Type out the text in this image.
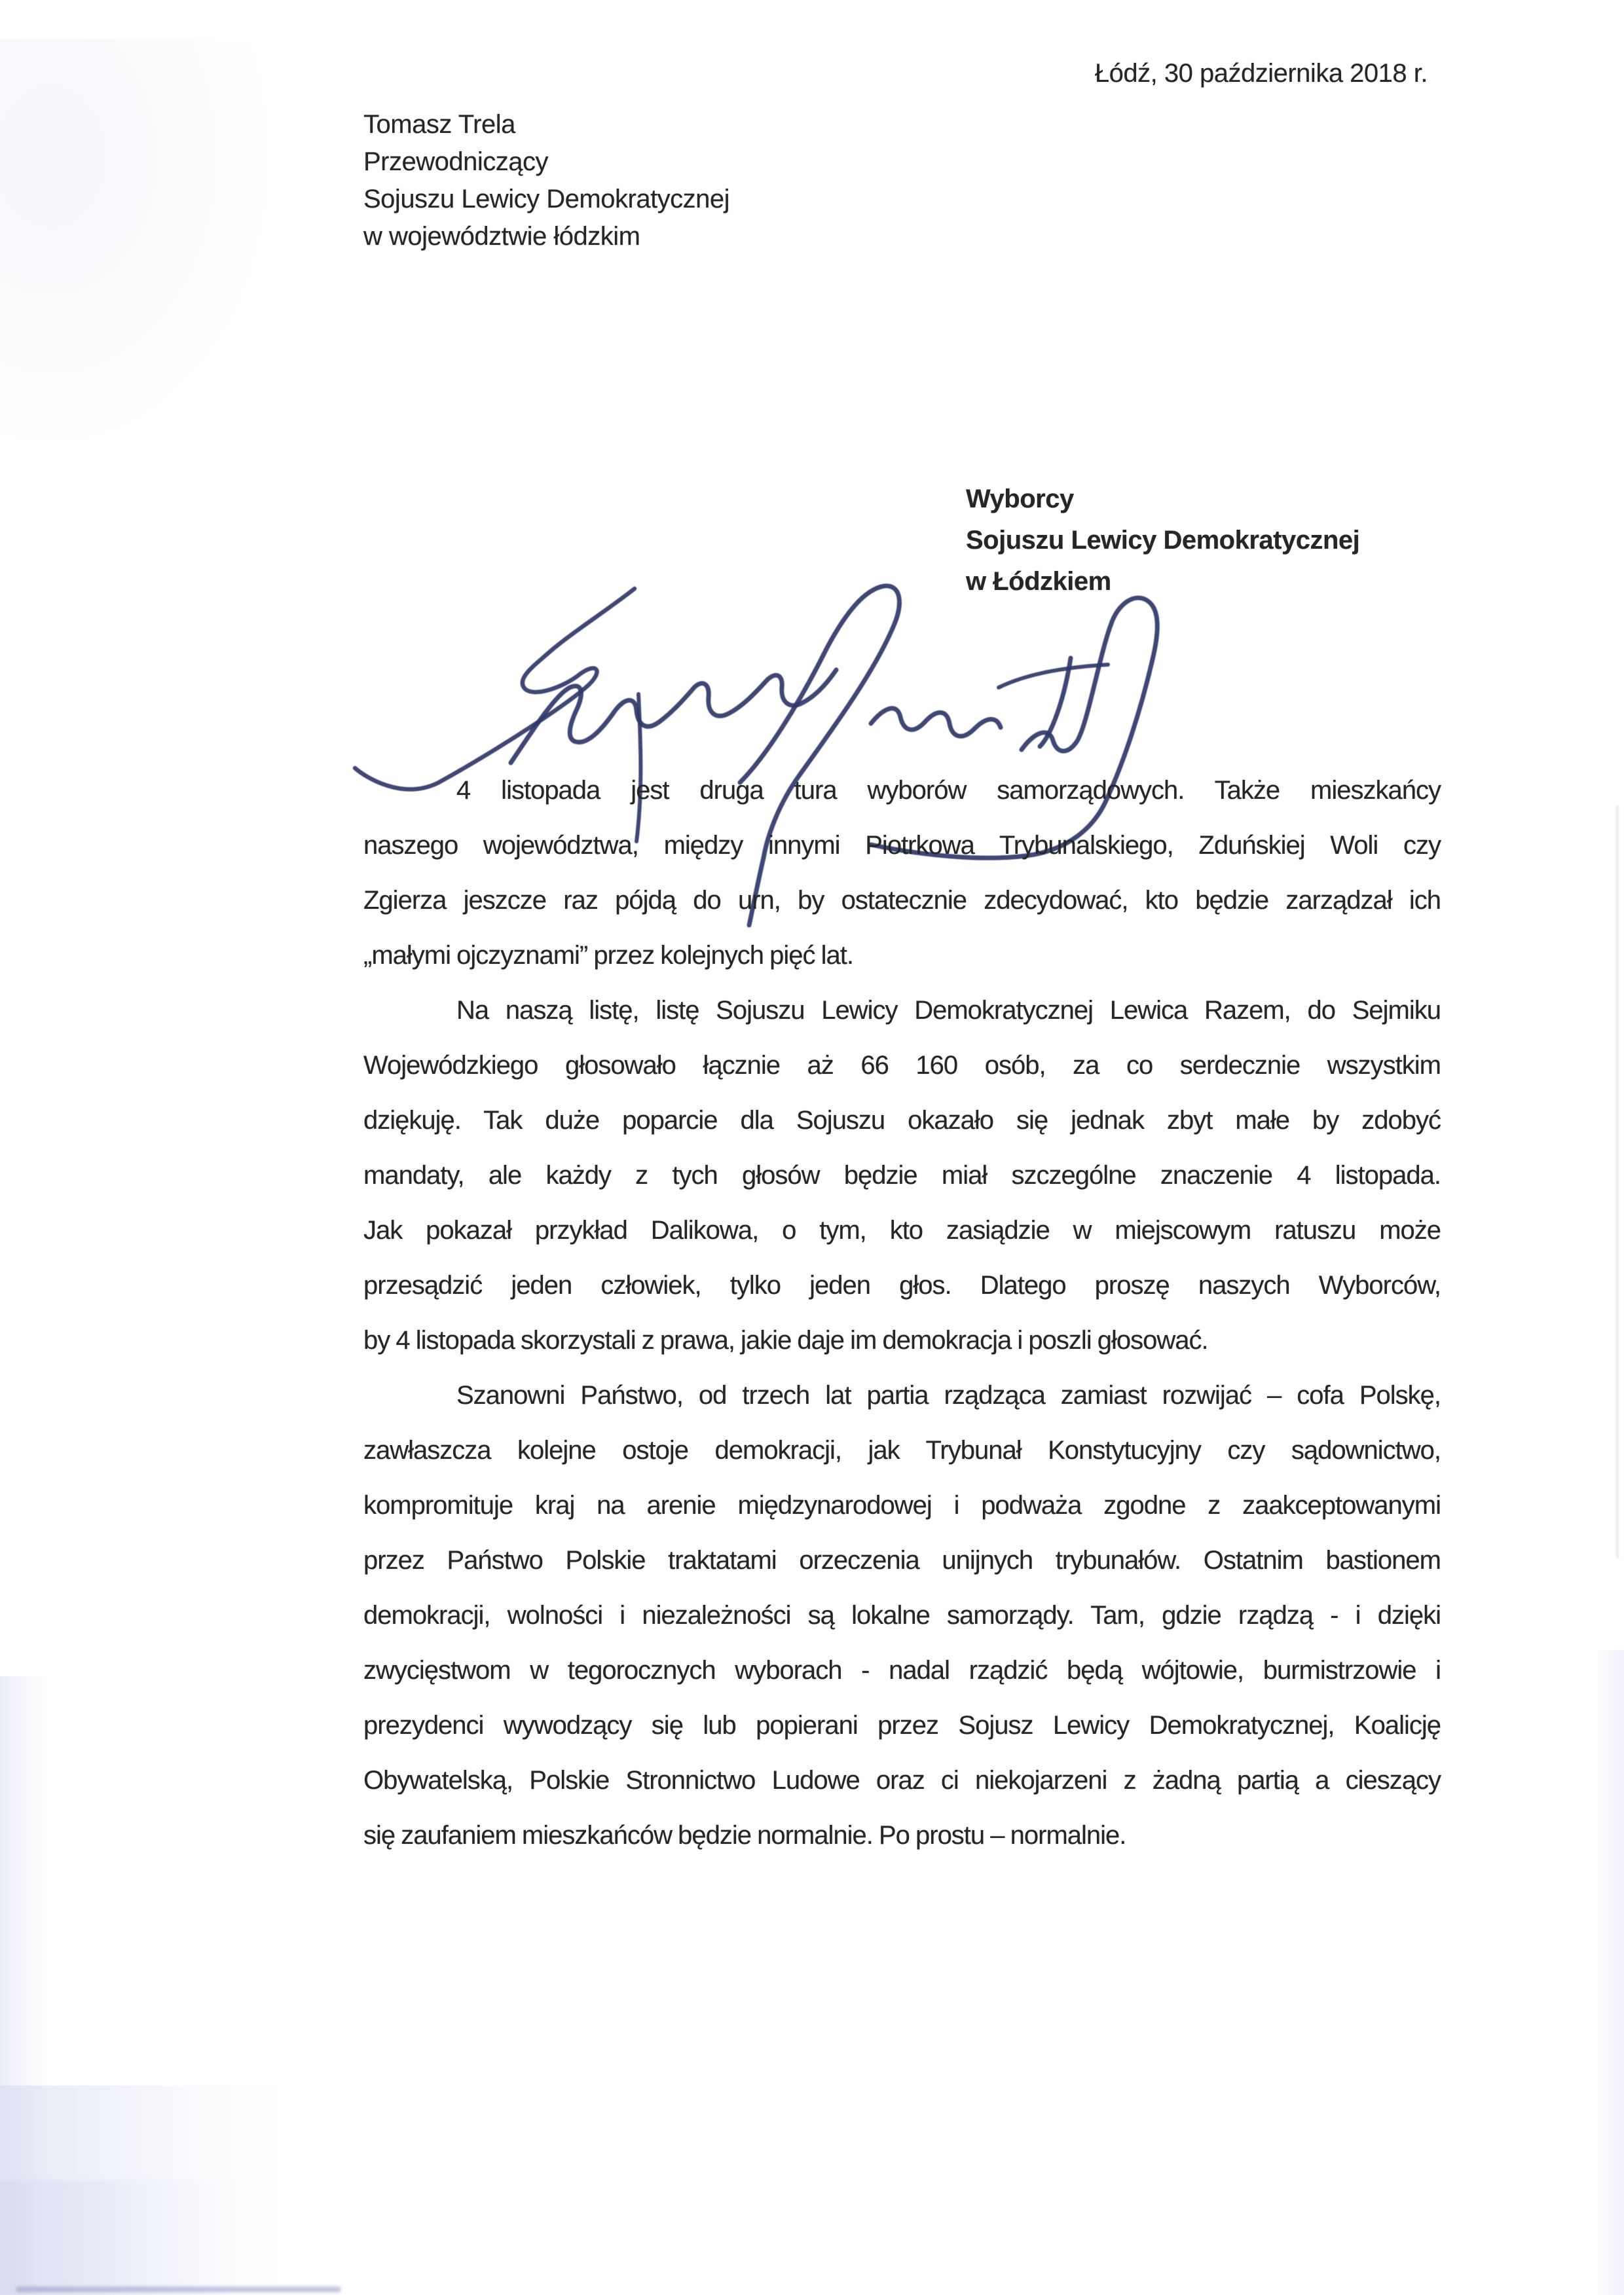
Łódź, 30 października 2018 r.
Tomasz Trela
Przewodniczący
Sojuszu Lewicy Demokratycznej
w województwie łódzkim
Wyborcy
Sojuszu Lewicy Demokratycznej
w Łódzkiem
4 listopada jest druga tura wyborów samorządowych. Także mieszkańcy
naszego województwa, między innymi Piotrkowa Trybunalskiego, Zduńskiej Woli czy
Zgierza jeszcze raz pójdą do urn, by ostatecznie zdecydować, kto będzie zarządzał ich
„małymi ojczyznami” przez kolejnych pięć lat.
Na naszą listę, listę Sojuszu Lewicy Demokratycznej Lewica Razem, do Sejmiku
Wojewódzkiego głosowało łącznie aż 66 160 osób, za co serdecznie wszystkim
dziękuję. Tak duże poparcie dla Sojuszu okazało się jednak zbyt małe by zdobyć
mandaty, ale każdy z tych głosów będzie miał szczególne znaczenie 4 listopada.
Jak pokazał przykład Dalikowa, o tym, kto zasiądzie w miejscowym ratuszu może
przesądzić jeden człowiek, tylko jeden głos. Dlatego proszę naszych Wyborców,
by 4 listopada skorzystali z prawa, jakie daje im demokracja i poszli głosować.
Szanowni Państwo, od trzech lat partia rządząca zamiast rozwijać – cofa Polskę,
zawłaszcza kolejne ostoje demokracji, jak Trybunał Konstytucyjny czy sądownictwo,
kompromituje kraj na arenie międzynarodowej i podważa zgodne z zaakceptowanymi
przez Państwo Polskie traktatami orzeczenia unijnych trybunałów. Ostatnim bastionem
demokracji, wolności i niezależności są lokalne samorządy. Tam, gdzie rządzą - i dzięki
zwycięstwom w tegorocznych wyborach - nadal rządzić będą wójtowie, burmistrzowie i
prezydenci wywodzący się lub popierani przez Sojusz Lewicy Demokratycznej, Koalicję
Obywatelską, Polskie Stronnictwo Ludowe oraz ci niekojarzeni z żadną partią a cieszący
się zaufaniem mieszkańców będzie normalnie. Po prostu – normalnie.
